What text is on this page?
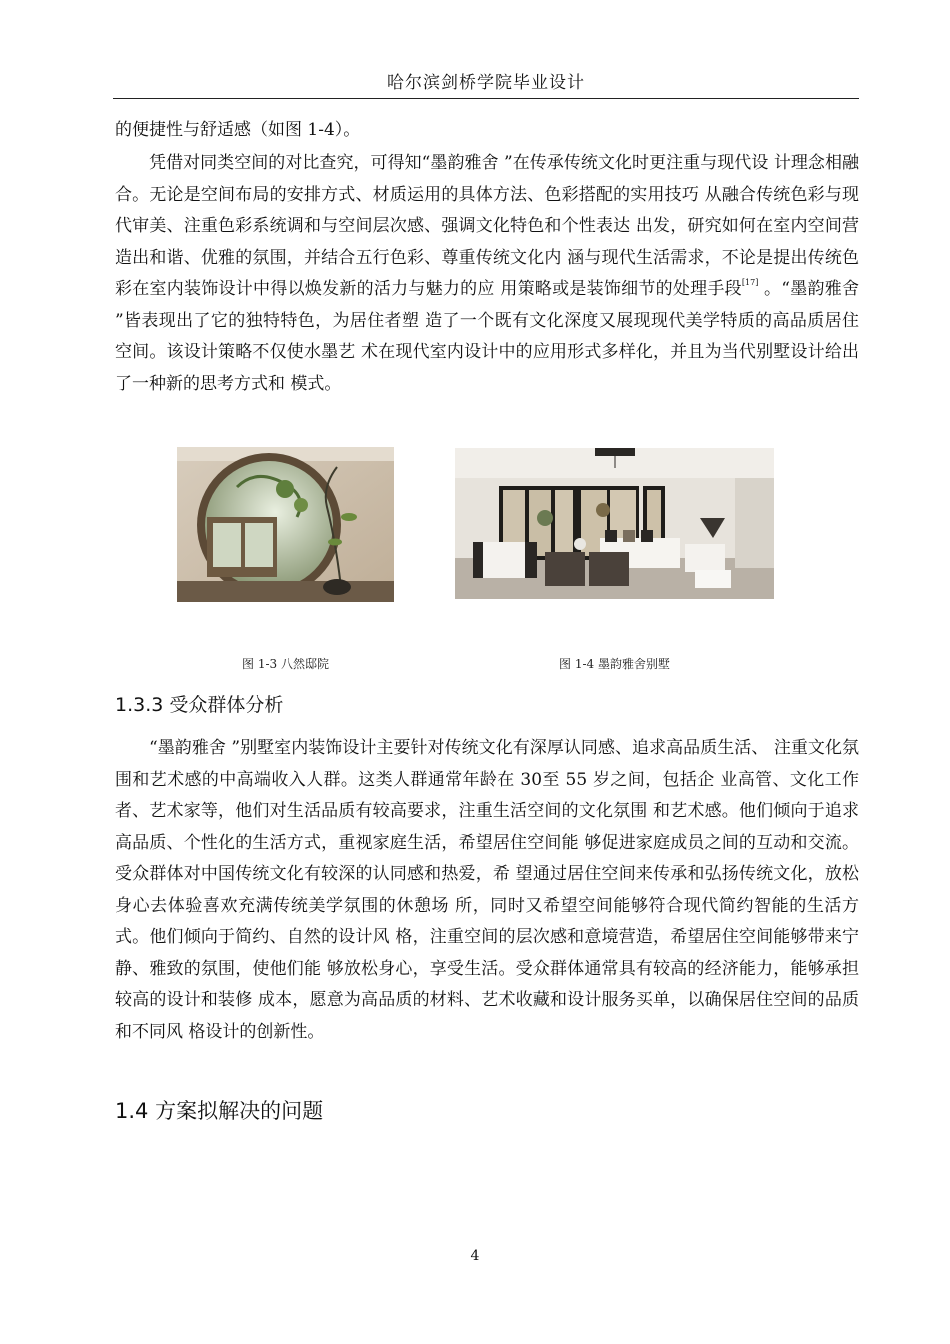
哈尔滨剑桥学院毕业设计

的便捷性与舒适感（如图 1-4）。

凭借对同类空间的对比查究，可得知“墨韵雅舍 ”在传承传统文化时更注重与现代设 计理念相融合。无论是空间布局的安排方式、材质运用的具体方法、色彩搭配的实用技巧 从融合传统色彩与现代审美、注重色彩系统调和与空间层次感、强调文化特色和个性表达 出发，研究如何在室内空间营造出和谐、优雅的氛围，并结合五行色彩、尊重传统文化内 涵与现代生活需求，不论是提出传统色彩在室内装饰设计中得以焕发新的活力与魅力的应 用策略或是装饰细节的处理手段[17] 。“墨韵雅舍 ”皆表现出了它的独特特色，为居住者塑 造了一个既有文化深度又展现现代美学特质的高品质居住空间。该设计策略不仅使水墨艺 术在现代室内设计中的应用形式多样化，并且为当代别墅设计给出了一种新的思考方式和 模式。

图 1-3 八然邸院	图 1-4 墨韵雅舍别墅
1.3.3 受众群体分析

“墨韵雅舍 ”别墅室内装饰设计主要针对传统文化有深厚认同感、追求高品质生活、 注重文化氛围和艺术感的中高端收入人群。这类人群通常年龄在 30至 55 岁之间，包括企 业高管、文化工作者、艺术家等，他们对生活品质有较高要求，注重生活空间的文化氛围 和艺术感。他们倾向于追求高品质、个性化的生活方式，重视家庭生活，希望居住空间能 够促进家庭成员之间的互动和交流。受众群体对中国传统文化有较深的认同感和热爱，希 望通过居住空间来传承和弘扬传统文化，放松身心去体验喜欢充满传统美学氛围的休憩场 所，同时又希望空间能够符合现代简约智能的生活方式。他们倾向于简约、自然的设计风 格，注重空间的层次感和意境营造，希望居住空间能够带来宁静、雅致的氛围，使他们能 够放松身心，享受生活。受众群体通常具有较高的经济能力，能够承担较高的设计和装修 成本，愿意为高品质的材料、艺术收藏和设计服务买单，以确保居住空间的品质和不同风 格设计的创新性。

1.4 方案拟解决的问题
4
